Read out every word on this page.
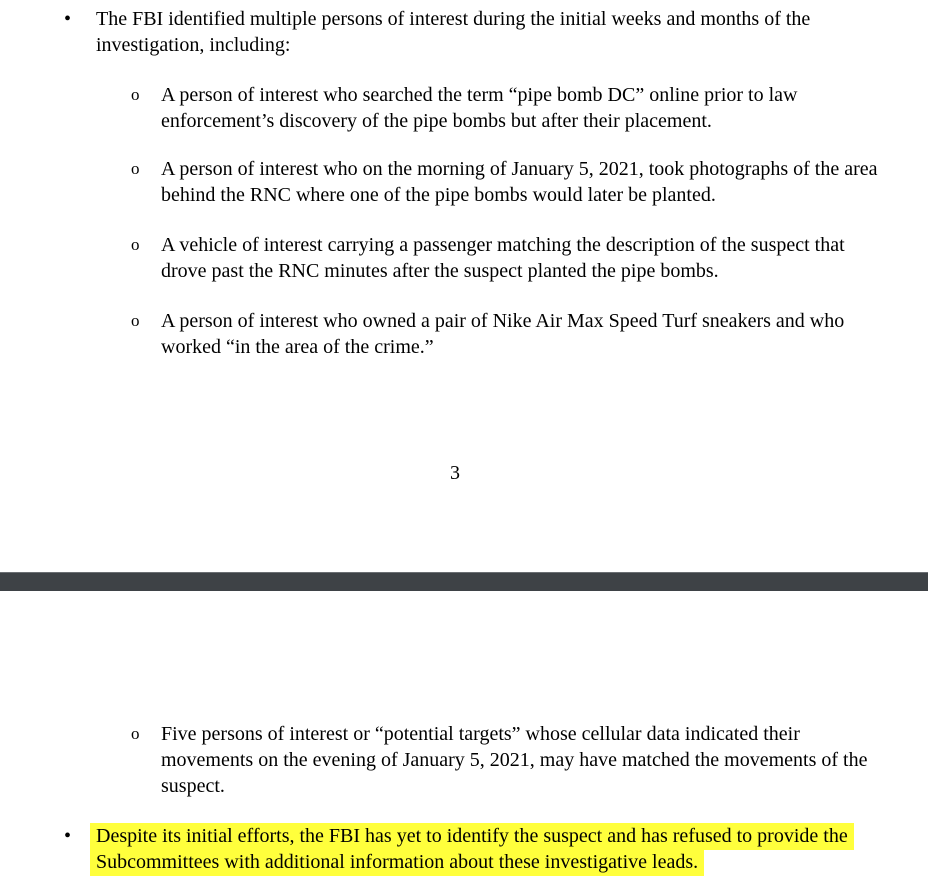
• The FBI identified multiple persons of interest during the initial weeks and months of the investigation, including:
o A person of interest who searched the term “pipe bomb DC” online prior to law enforcement’s discovery of the pipe bombs but after their placement.
o A person of interest who on the morning of January 5, 2021, took photographs of the area behind the RNC where one of the pipe bombs would later be planted.
o A vehicle of interest carrying a passenger matching the description of the suspect that drove past the RNC minutes after the suspect planted the pipe bombs.
o A person of interest who owned a pair of Nike Air Max Speed Turf sneakers and who worked “in the area of the crime.”
3
o Five persons of interest or “potential targets” whose cellular data indicated their movements on the evening of January 5, 2021, may have matched the movements of the suspect.
• Despite its initial efforts, the FBI has yet to identify the suspect and has refused to provide the Subcommittees with additional information about these investigative leads.
